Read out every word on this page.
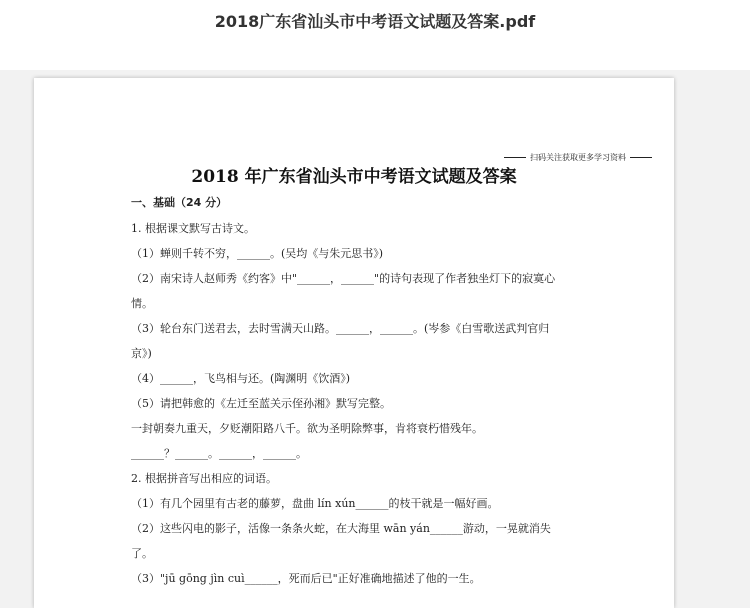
2018广东省汕头市中考语文试题及答案.pdf
扫码关注获取更多学习资料
2018 年广东省汕头市中考语文试题及答案
一、基础（24 分）
1. 根据课文默写古诗文。
（1）蝉则千转不穷，______。(吴均《与朱元思书》)
（2）南宋诗人赵师秀《约客》中"______，______"的诗句表现了作者独坐灯下的寂寞心
情。
（3）轮台东门送君去，去时雪满天山路。______，______。(岑参《白雪歌送武判官归
京》)
（4）______，飞鸟相与还。(陶渊明《饮酒》)
（5）请把韩愈的《左迁至蓝关示侄孙湘》默写完整。
一封朝奏九重天，夕贬潮阳路八千。欲为圣明除弊事，肯将衰朽惜残年。
______？______。______，______。
2. 根据拼音写出相应的词语。
（1）有几个园里有古老的藤萝，盘曲 lín xún______的枝干就是一幅好画。
（2）这些闪电的影子，活像一条条火蛇，在大海里 wān yán______游动，一晃就消失
了。
（3）"jū gōng jìn cuì______，死而后已"正好准确地描述了他的一生。
